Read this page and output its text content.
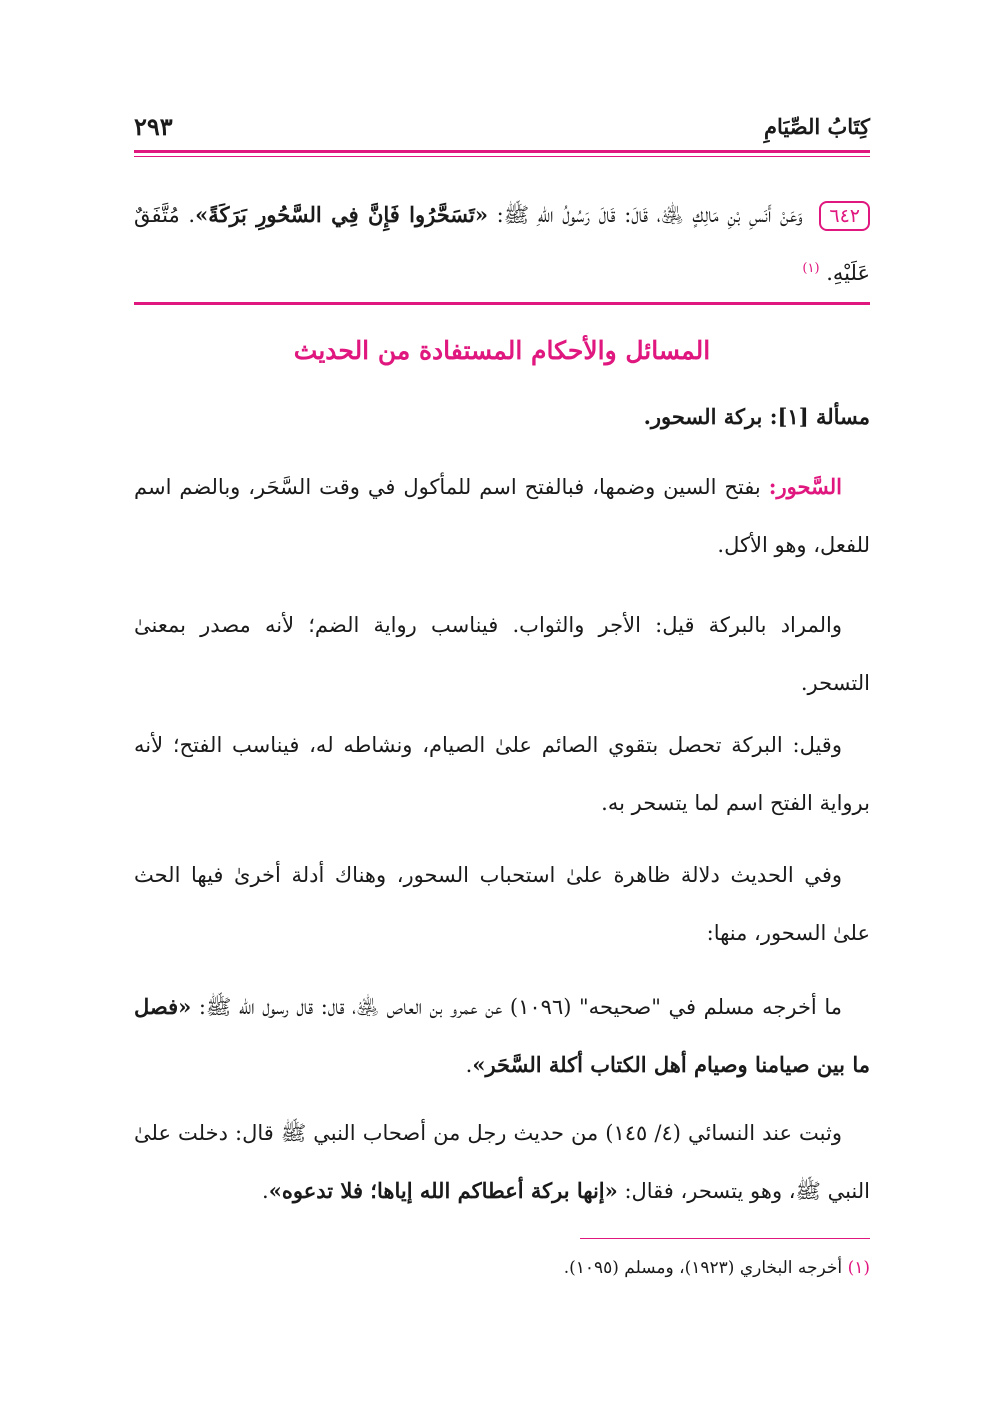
كِتَابُ الصِّيَامِ
٢٩٣
٦٤٢ وَعَنْ أَنَسِ بْنِ مَالِكٍ ﵁، قَالَ: قَالَ رَسُولُ اللهِ ﷺ: «تَسَحَّرُوا فَإِنَّ فِي السَّحُورِ بَرَكَةً». مُتَّفَقٌ عَلَيْهِ. $^{(١)}$
المسائل والأحكام المستفادة من الحديث
مسألة [١]: بركة السحور.
السَّحور: بفتح السين وضمها، فبالفتح اسم للمأكول في وقت السَّحَر، وبالضم اسم للفعل، وهو الأكل.
والمراد بالبركة قيل: الأجر والثواب. فيناسب رواية الضم؛ لأنه مصدر بمعنىٰ التسحر.
وقيل: البركة تحصل بتقوي الصائم علىٰ الصيام، ونشاطه له، فيناسب الفتح؛ لأنه برواية الفتح اسم لما يتسحر به.
وفي الحديث دلالة ظاهرة علىٰ استحباب السحور، وهناك أدلة أخرىٰ فيها الحث علىٰ السحور، منها:
ما أخرجه مسلم في "صحيحه" (١٠٩٦) عن عمرو بن العاص ﵁، قال: قال رسول الله ﷺ: «فصل ما بين صيامنا وصيام أهل الكتاب أكلة السَّحَر».
وثبت عند النسائي (٤/ ١٤٥) من حديث رجل من أصحاب النبي ﷺ قال: دخلت علىٰ النبي ﷺ، وهو يتسحر، فقال: «إنها بركة أعطاكم الله إياها؛ فلا تدعوه».
(١) أخرجه البخاري (١٩٢٣)، ومسلم (١٠٩٥).
